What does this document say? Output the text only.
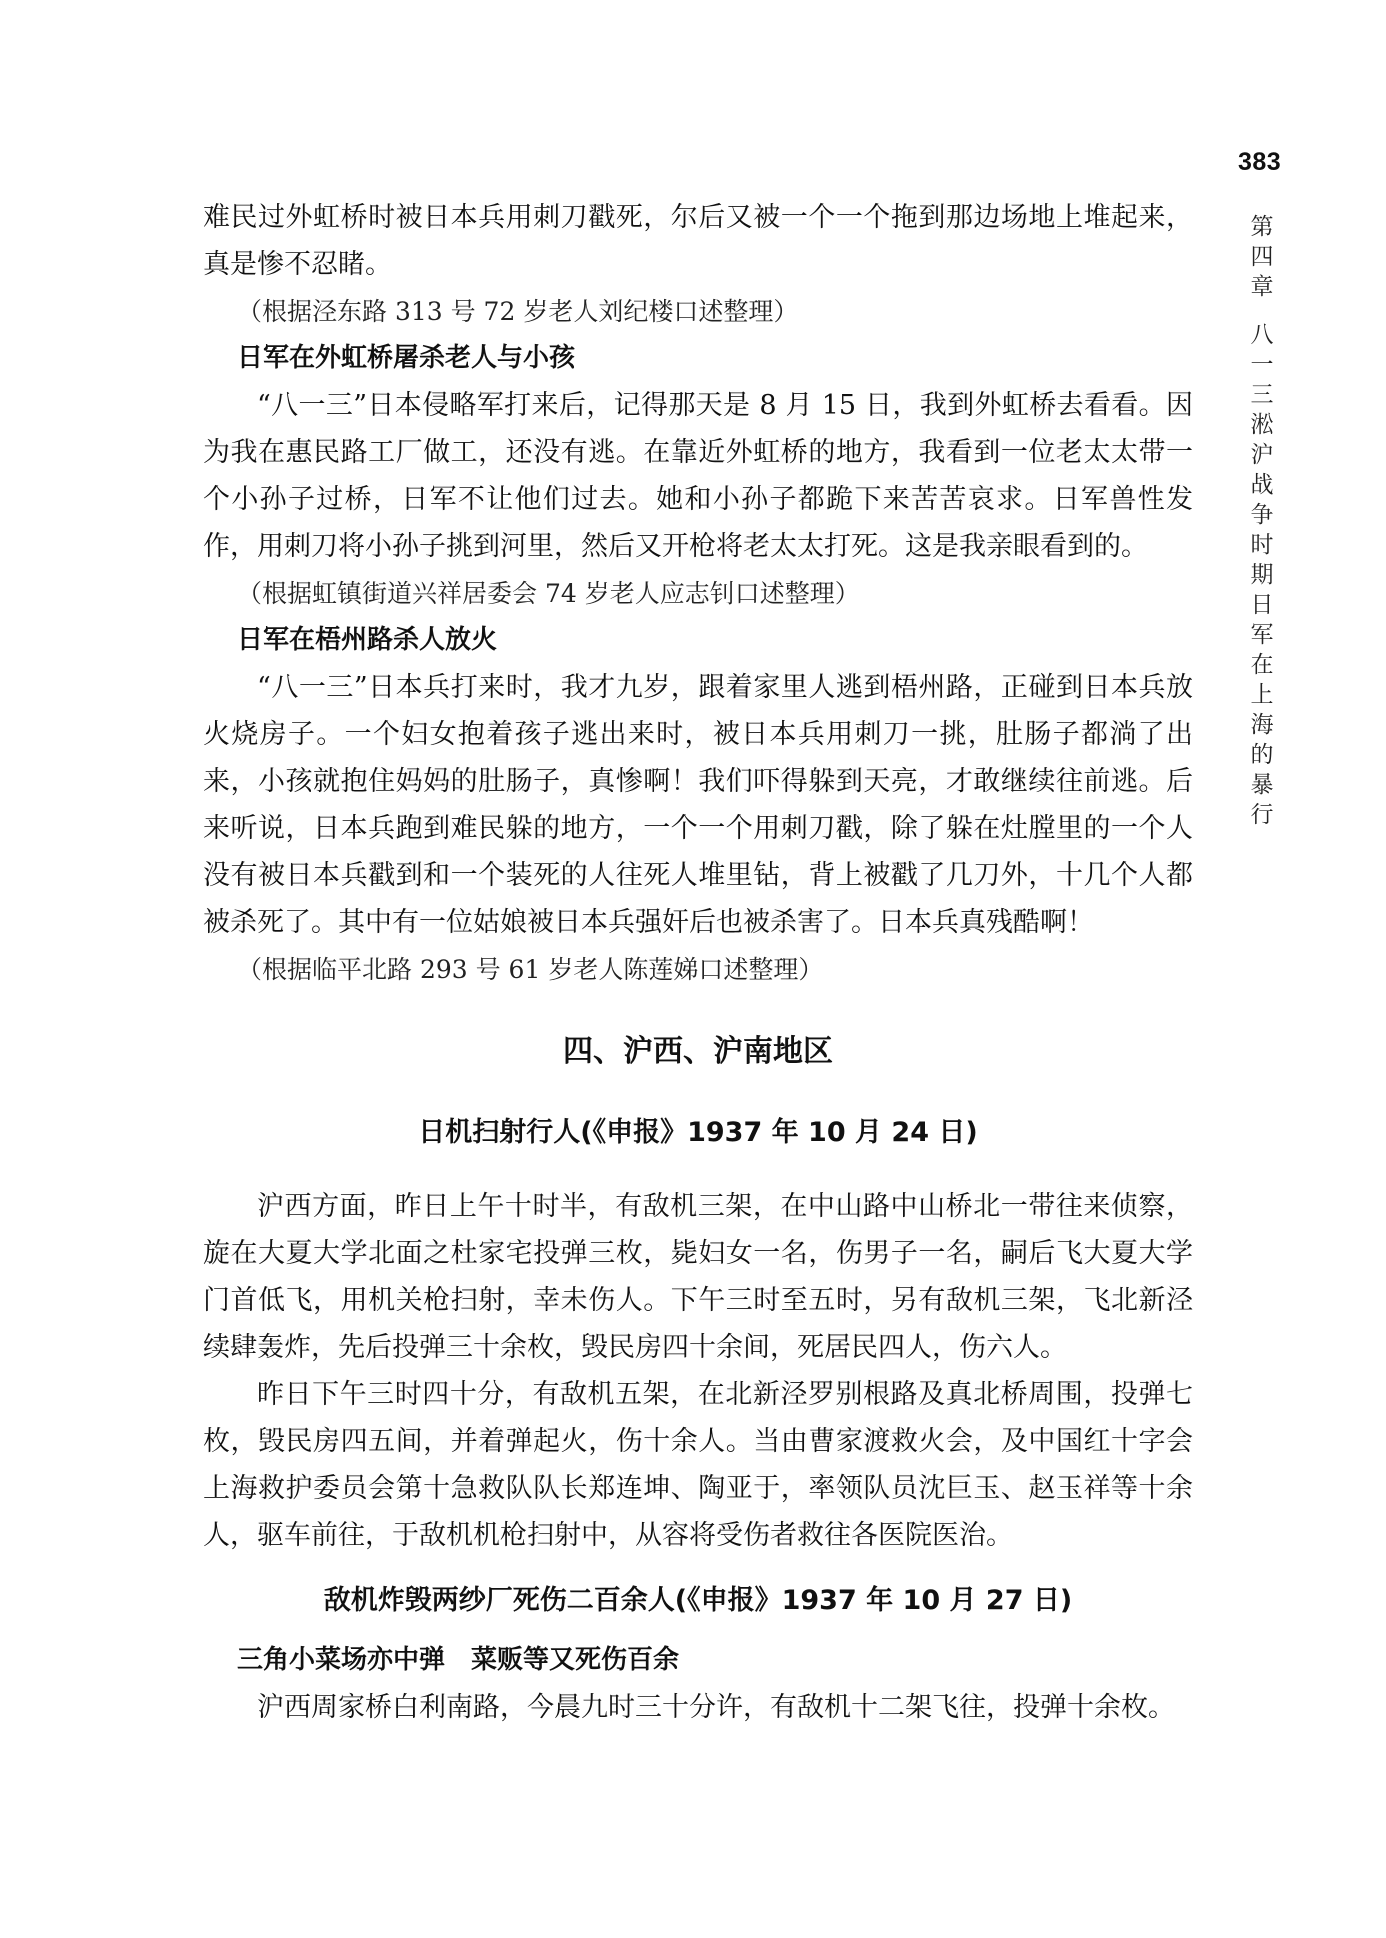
383
第
四
章
八
一
三
淞
沪
战
争
时
期
日
军
在
上
海
的
暴
行

难民过外虹桥时被日本兵用刺刀戳死，尔后又被一个一个拖到那边场地上堆起来，真是惨不忍睹。

（根据泾东路 313 号 72 岁老人刘纪楼口述整理）

日军在外虹桥屠杀老人与小孩

“八一三”日本侵略军打来后，记得那天是 8 月 15 日，我到外虹桥去看看。因为我在惠民路工厂做工，还没有逃。在靠近外虹桥的地方，我看到一位老太太带一个小孙子过桥，日军不让他们过去。她和小孙子都跪下来苦苦哀求。日军兽性发作，用刺刀将小孙子挑到河里，然后又开枪将老太太打死。这是我亲眼看到的。

（根据虹镇街道兴祥居委会 74 岁老人应志钊口述整理）

日军在梧州路杀人放火

“八一三”日本兵打来时，我才九岁，跟着家里人逃到梧州路，正碰到日本兵放火烧房子。一个妇女抱着孩子逃出来时，被日本兵用刺刀一挑，肚肠子都淌了出来，小孩就抱住妈妈的肚肠子，真惨啊！我们吓得躲到天亮，才敢继续往前逃。后来听说，日本兵跑到难民躲的地方，一个一个用刺刀戳，除了躲在灶膛里的一个人没有被日本兵戳到和一个装死的人往死人堆里钻，背上被戳了几刀外，十几个人都被杀死了。其中有一位姑娘被日本兵强奸后也被杀害了。日本兵真残酷啊！

（根据临平北路 293 号 61 岁老人陈莲娣口述整理）

四、沪西、沪南地区
日机扫射行人(《申报》1937 年 10 月 24 日)

沪西方面，昨日上午十时半，有敌机三架，在中山路中山桥北一带往来侦察，旋在大夏大学北面之杜家宅投弹三枚，毙妇女一名，伤男子一名，嗣后飞大夏大学门首低飞，用机关枪扫射，幸未伤人。下午三时至五时，另有敌机三架，飞北新泾续肆轰炸，先后投弹三十余枚，毁民房四十余间，死居民四人，伤六人。

昨日下午三时四十分，有敌机五架，在北新泾罗别根路及真北桥周围，投弹七枚，毁民房四五间，并着弹起火，伤十余人。当由曹家渡救火会，及中国红十字会上海救护委员会第十急救队队长郑连坤、陶亚于，率领队员沈巨玉、赵玉祥等十余人，驱车前往，于敌机机枪扫射中，从容将受伤者救往各医院医治。

敌机炸毁两纱厂死伤二百余人(《申报》1937 年 10 月 27 日)

三角小菜场亦中弹　菜贩等又死伤百余

沪西周家桥白利南路，今晨九时三十分许，有敌机十二架飞往，投弹十余枚。
